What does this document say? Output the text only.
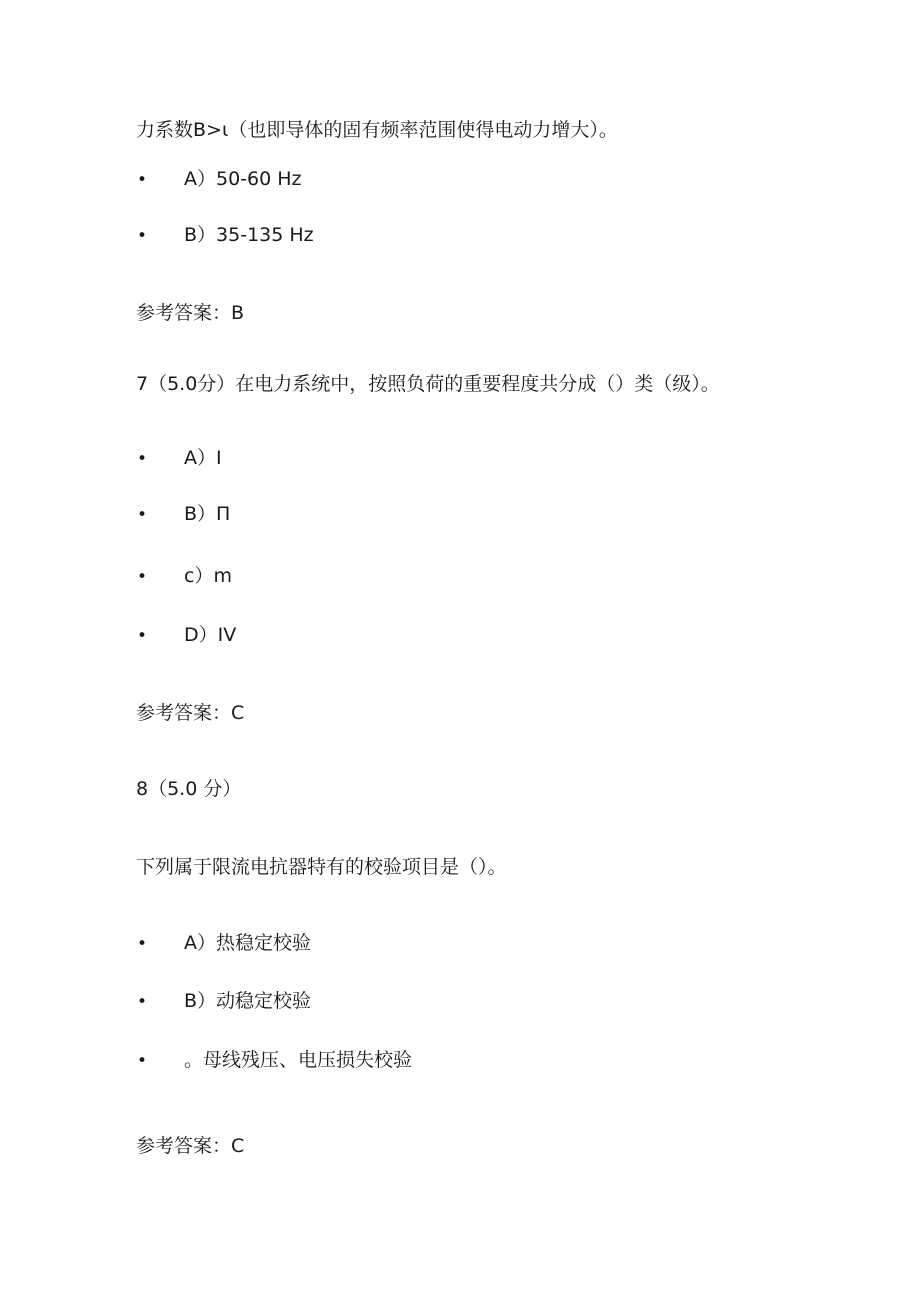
力系数B>ι（也即导体的固有频率范围使得电动力增大）。
• A）50-60 Hz
• B）35-135 Hz
参考答案：B
7（5.0分）在电力系统中，按照负荷的重要程度共分成（）类（级）。
• A）I
• B）П
• c）m
• D）IV
参考答案：C
8（5.0 分）
下列属于限流电抗器特有的校验项目是（）。
• A）热稳定校验
• B）动稳定校验
• 。母线残压、电压损失校验
参考答案：C
